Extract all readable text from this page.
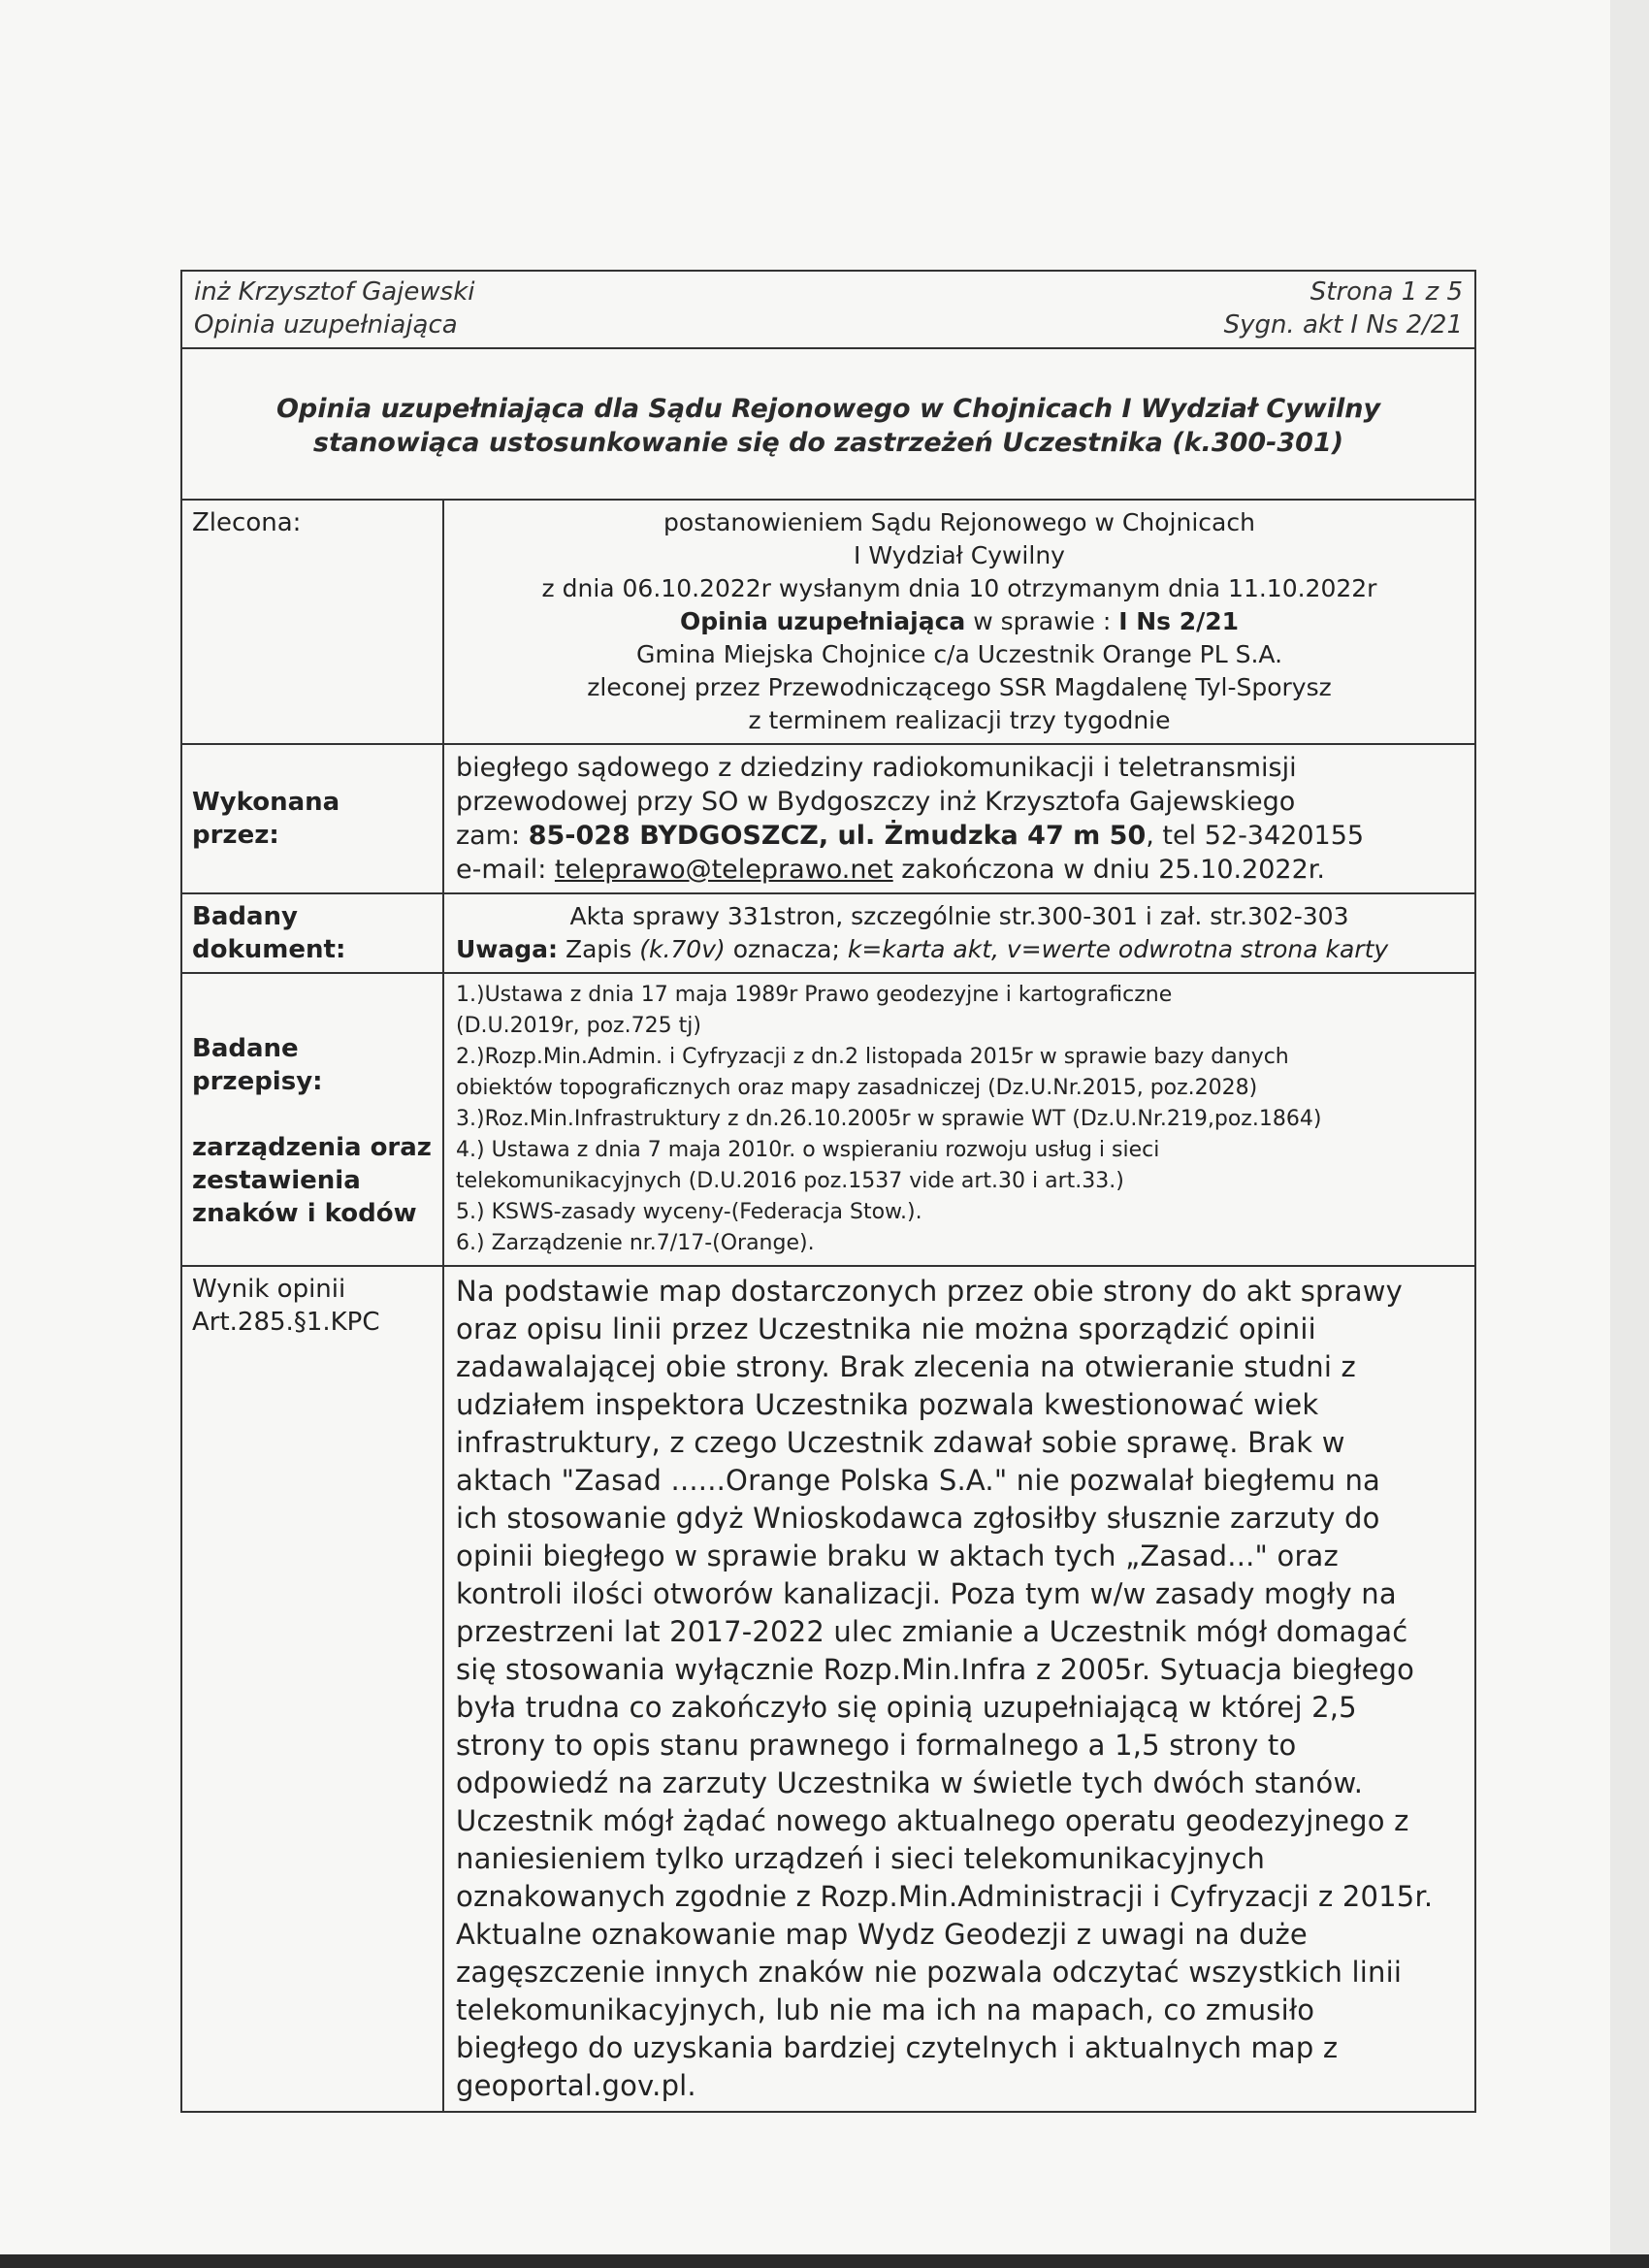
inż Krzysztof Gajewski
Opinia uzupełniająca
Strona 1 z 5
Sygn. akt I Ns 2/21
Opinia uzupełniająca dla Sądu Rejonowego w Chojnicach I Wydział Cywilny
stanowiąca ustosunkowanie się do zastrzeżeń Uczestnika (k.300-301)
Zlecona:	postanowieniem Sądu Rejonowego w Chojnicach
I Wydział Cywilny
z dnia 06.10.2022r wysłanym dnia 10 otrzymanym dnia 11.10.2022r
Opinia uzupełniająca w sprawie : I Ns 2/21
Gmina Miejska Chojnice c/a Uczestnik Orange PL S.A.
zleconej przez Przewodniczącego SSR Magdalenę Tyl-Sporysz
z terminem realizacji trzy tygodnie
Wykonana przez:
biegłego sądowego z dziedziny radiokomunikacji i teletransmisji
przewodowej przy SO w Bydgoszczy inż Krzysztofa Gajewskiego
zam: 85-028 BYDGOSZCZ, ul. Żmudzka 47 m 50, tel 52-3420155
e-mail: teleprawo@teleprawo.net zakończona w dniu 25.10.2022r.
Badany dokument:
Akta sprawy 331stron, szczególnie str.300-301 i zał. str.302-303
Uwaga: Zapis (k.70v) oznacza; k=karta akt, v=werte odwrotna strona karty
Badane przepisy:
zarządzenia oraz zestawienia znaków i kodów
1.)Ustawa z dnia 17 maja 1989r Prawo geodezyjne i kartograficzne
(D.U.2019r, poz.725 tj)
2.)Rozp.Min.Admin. i Cyfryzacji z dn.2 listopada 2015r w sprawie bazy danych
obiektów topograficznych oraz mapy zasadniczej (Dz.U.Nr.2015, poz.2028)
3.)Roz.Min.Infrastruktury z dn.26.10.2005r w sprawie WT (Dz.U.Nr.219,poz.1864)
4.) Ustawa z dnia 7 maja 2010r. o wspieraniu rozwoju usług i sieci
telekomunikacyjnych (D.U.2016 poz.1537 vide art.30 i art.33.)
5.) KSWS-zasady wyceny-(Federacja Stow.).
6.) Zarządzenie nr.7/17-(Orange).
Wynik opinii
Art.285.§1.KPC
Na podstawie map dostarczonych przez obie strony do akt sprawy
oraz opisu linii przez Uczestnika nie można sporządzić opinii
zadawalającej obie strony. Brak zlecenia na otwieranie studni z
udziałem inspektora Uczestnika pozwala kwestionować wiek
infrastruktury, z czego Uczestnik zdawał sobie sprawę. Brak w
aktach "Zasad ......Orange Polska S.A." nie pozwalał biegłemu na
ich stosowanie gdyż Wnioskodawca zgłosiłby słusznie zarzuty do
opinii biegłego w sprawie braku w aktach tych „Zasad..." oraz
kontroli ilości otworów kanalizacji. Poza tym w/w zasady mogły na
przestrzeni lat 2017-2022 ulec zmianie a Uczestnik mógł domagać
się stosowania wyłącznie Rozp.Min.Infra z 2005r. Sytuacja biegłego
była trudna co zakończyło się opinią uzupełniającą w której 2,5
strony to opis stanu prawnego i formalnego a 1,5 strony to
odpowiedź na zarzuty Uczestnika w świetle tych dwóch stanów.
Uczestnik mógł żądać nowego aktualnego operatu geodezyjnego z
naniesieniem tylko urządzeń i sieci telekomunikacyjnych
oznakowanych zgodnie z Rozp.Min.Administracji i Cyfryzacji z 2015r.
Aktualne oznakowanie map Wydz Geodezji z uwagi na duże
zagęszczenie innych znaków nie pozwala odczytać wszystkich linii
telekomunikacyjnych, lub nie ma ich na mapach, co zmusiło
biegłego do uzyskania bardziej czytelnych i aktualnych map z
geoportal.gov.pl.
